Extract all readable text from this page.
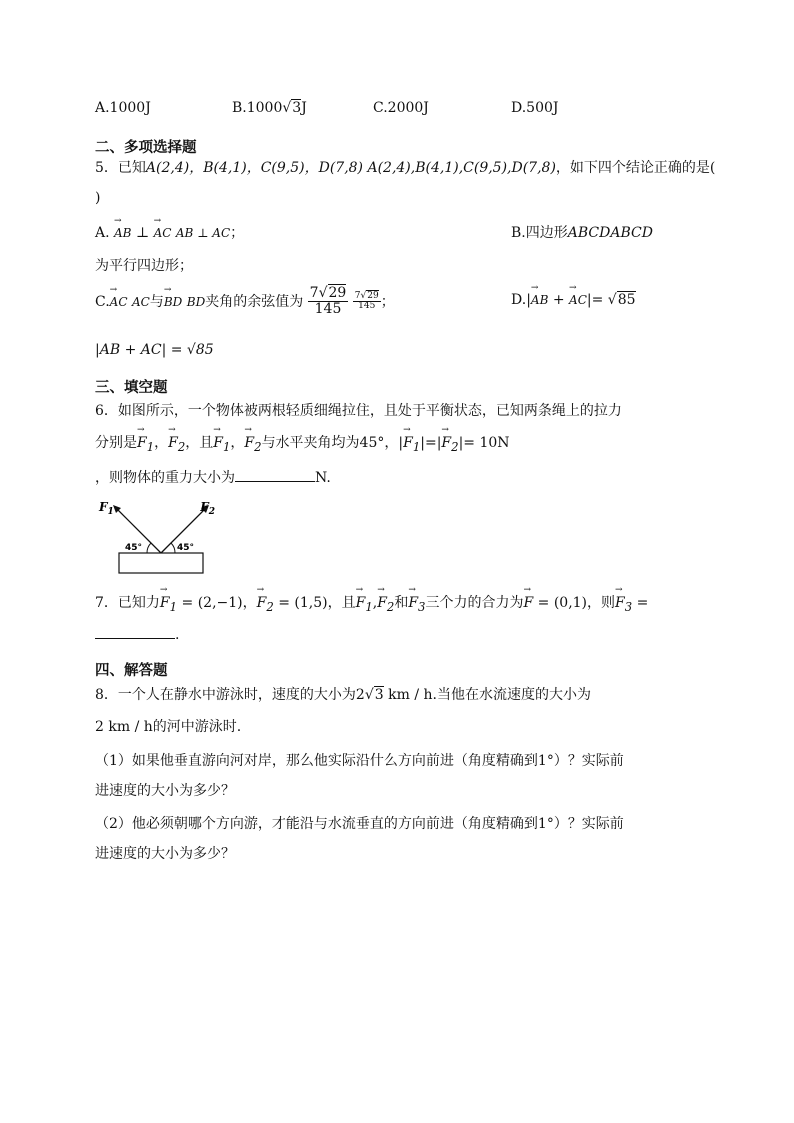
A.1000J	B.1000√3J	C.2000J	D.500J
二、多项选择题
5．已知A(2,4)，B(4,1)，C(9,5)，D(7,8) A(2,4),B(4,1),C(9,5),D(7,8)，如下四个结论正确的是(
)
A. → AB ⊥ → AC AB ⊥ AC；	B.四边形ABCDABCD
为平行四边形；
C.→ AC AC与→ BD BD夹角的余弦值为 $\frac{7√29}{145}$
$\frac{7√29}{145}$ ；	D.|→ AB + → AC|= √85
|AB + AC| = √85
三、填空题
6．如图所示，一个物体被两根轻质细绳拉住，且处于平衡状态，已知两条绳上的拉力
分别是→ $F_1$，→ $F_2$，且→ $F_1$，→ $F_2$与水平夹角均为45°，|→ $F_1|=|\to F_2|= 10N$
，则物体的重力大小为	N.
$F_1$	$F_2$
45°	45°
7．已知力→ $F_1 = (2,-1)$，→ $F_2 = (1,5)$，且→ $F_1,\to F_2$和→ $F_3$三个力的合力为→ F = (0,1)，则→ $F_3$ =
.
四、解答题
8．一个人在静水中游泳时，速度的大小为2√3 km / h.当他在水流速度的大小为
2 km / h的河中游泳时.
（1）如果他垂直游向河对岸，那么他实际沿什么方向前进（角度精确到1°）？实际前
进速度的大小为多少？
（2）他必须朝哪个方向游，才能沿与水流垂直的方向前进（角度精确到1°）？实际前
进速度的大小为多少？
